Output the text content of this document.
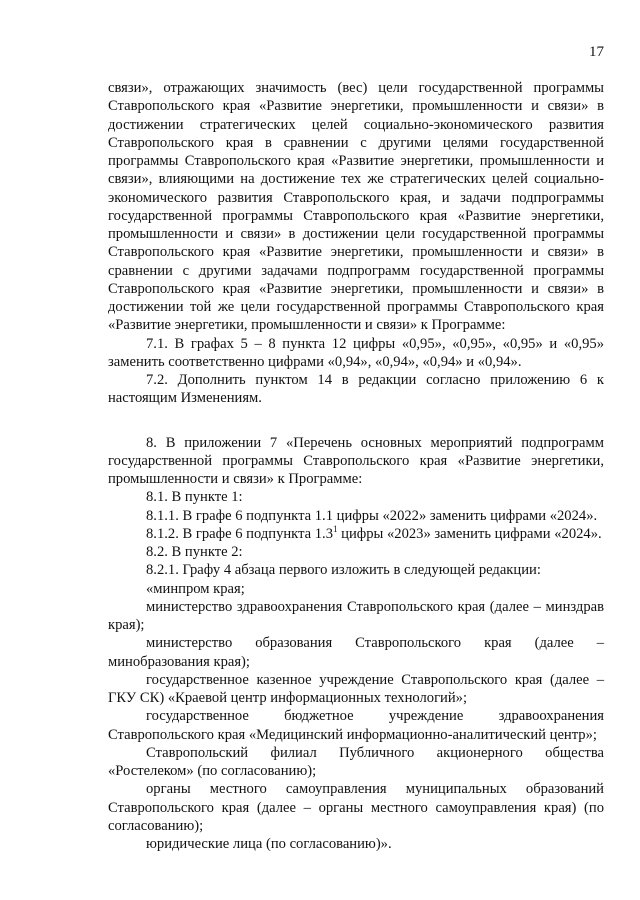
17

связи», отражающих значимость (вес) цели государственной программы Ставропольского края «Развитие энергетики, промышленности и связи» в достижении стратегических целей социально-экономического развития Ставропольского края в сравнении с другими целями государственной программы Ставропольского края «Развитие энергетики, промышленности и связи», влияющими на достижение тех же стратегических целей социально-экономического развития Ставропольского края, и задачи подпрограммы государственной программы Ставропольского края «Развитие энергетики, промышленности и связи» в достижении цели государственной программы Ставропольского края «Развитие энергетики, промышленности и связи» в сравнении с другими задачами подпрограмм государственной программы Ставропольского края «Развитие энергетики, промышленности и связи» в достижении той же цели государственной программы Ставропольского края «Развитие энергетики, промышленности и связи» к Программе:

7.1. В графах 5 – 8 пункта 12 цифры «0,95», «0,95», «0,95» и «0,95» заменить соответственно цифрами «0,94», «0,94», «0,94» и «0,94».

7.2. Дополнить пунктом 14 в редакции согласно приложению 6 к настоящим Изменениям.

8. В приложении 7 «Перечень основных мероприятий подпрограмм государственной программы Ставропольского края «Развитие энергетики, промышленности и связи» к Программе:

8.1. В пункте 1:

8.1.1. В графе 6 подпункта 1.1 цифры «2022» заменить цифрами «2024».

8.1.2. В графе 6 подпункта $1.3^1$ цифры «2023» заменить цифрами «2024».

8.2. В пункте 2:

8.2.1. Графу 4 абзаца первого изложить в следующей редакции:

«минпром края;

министерство здравоохранения Ставропольского края (далее – минздрав края);

министерство образования Ставропольского края (далее – минобразования края);

государственное казенное учреждение Ставропольского края (далее – ГКУ СК) «Краевой центр информационных технологий»;

государственное бюджетное учреждение здравоохранения Ставропольского края «Медицинский информационно-аналитический центр»;

Ставропольский филиал Публичного акционерного общества «Ростелеком» (по согласованию);

органы местного самоуправления муниципальных образований Ставропольского края (далее – органы местного самоуправления края) (по согласованию);

юридические лица (по согласованию)».
